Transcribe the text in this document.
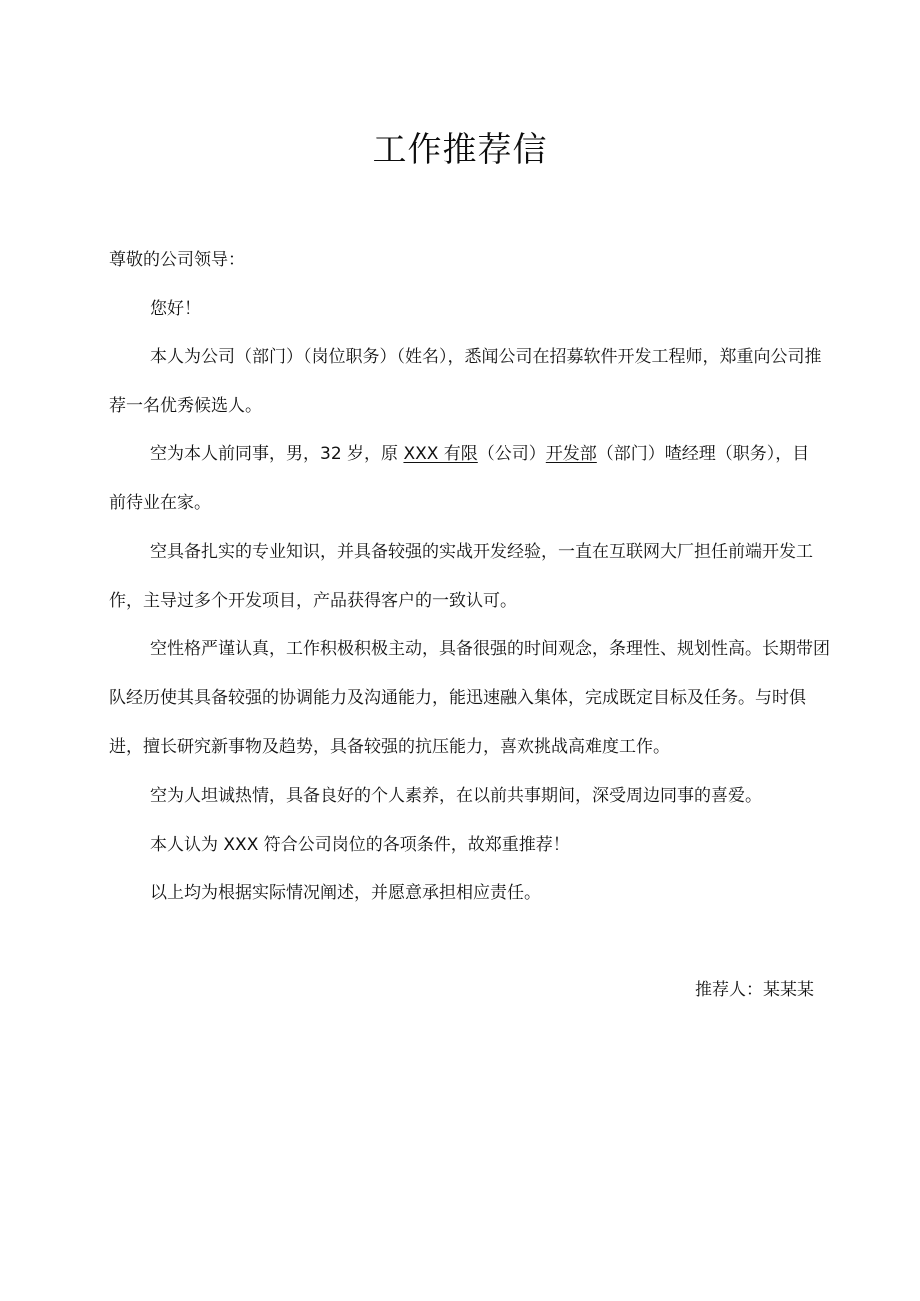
工作推荐信
尊敬的公司领导：
您好！

本人为公司（部门）（岗位职务）（姓名），悉闻公司在招募软件开发工程师，郑重向公司推荐一名优秀候选人。

空为本人前同事，男，32 岁，原 XXX 有限（公司）开发部（部门）喳经理（职务），目前待业在家。

空具备扎实的专业知识，并具备较强的实战开发经验，一直在互联网大厂担任前端开发工作，主导过多个开发项目，产品获得客户的一致认可。

空性格严谨认真，工作积极积极主动，具备很强的时间观念，条理性、规划性高。长期带团队经历使其具备较强的协调能力及沟通能力，能迅速融入集体，完成既定目标及任务。与时俱进，擅长研究新事物及趋势，具备较强的抗压能力，喜欢挑战高难度工作。

空为人坦诚热情，具备良好的个人素养，在以前共事期间，深受周边同事的喜爱。

本人认为 XXX 符合公司岗位的各项条件，故郑重推荐！

以上均为根据实际情况阐述，并愿意承担相应责任。

推荐人：某某某
